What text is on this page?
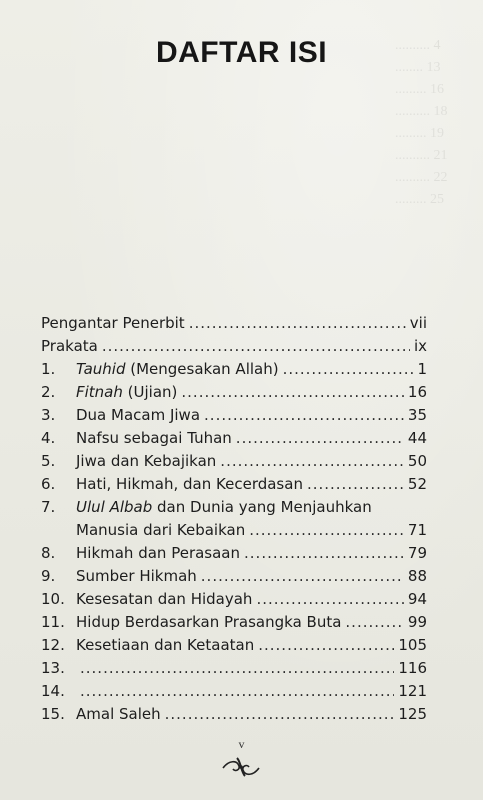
.......... 4
........ 13
......... 16
.......... 18
......... 19
.......... 21
.......... 22
......... 25
DAFTAR ISI
Pengantar Penerbit .....	vii
Prakata .....	ix
1.	Tauhid (Mengesakan Allah) .....	1
2.	Fitnah (Ujian) .....	16
3.	Dua Macam Jiwa .....	35
4.	Nafsu sebagai Tuhan .....	44
5.	Jiwa dan Kebajikan .....	50
6.	Hati, Hikmah, dan Kecerdasan .....	52
7.	Ulul Albab dan Dunia yang Menjauhkan
Manusia dari Kebaikan .....	71
8.	Hikmah dan Perasaan .....	79
9.	Sumber Hikmah .....	88
10. Kesesatan dan Hidayah .....	94
11. Hidup Berdasarkan Prasangka Buta .....	99
12. Kesetiaan dan Ketaatan .....	105
13. .....	116
14. .....	121
15. Amal Saleh .....	125
v
